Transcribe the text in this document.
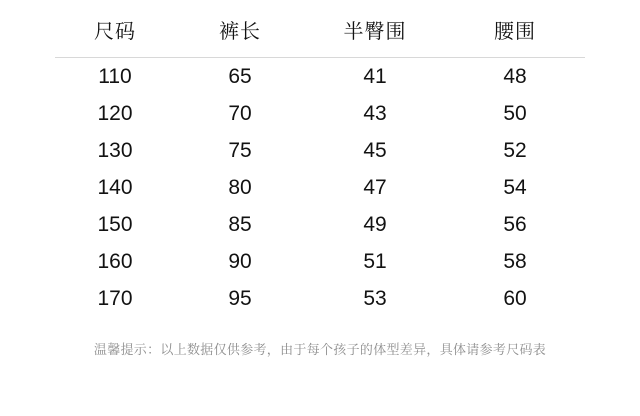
尺码	裤长	半臀围	腰围
110	65	41	48
120	70	43	50
130	75	45	52
140	80	47	54
150	85	49	56
160	90	51	58
170	95	53	60
温馨提示：以上数据仅供参考，由于每个孩子的体型差异，具体请参考尺码表
